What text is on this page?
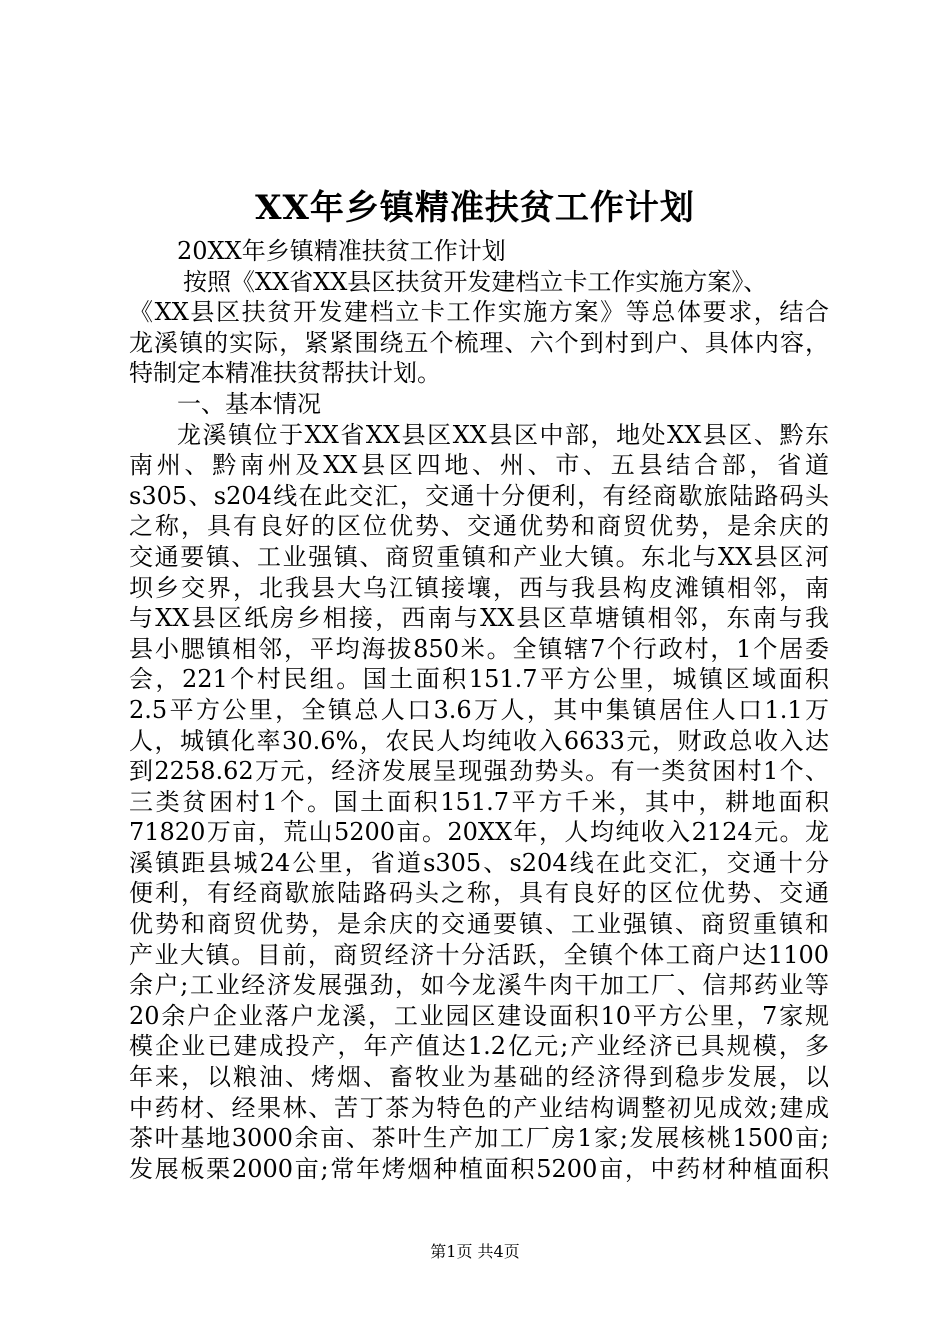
XX年乡镇精准扶贫工作计划
20XX年乡镇精准扶贫工作计划
按照《XX省XX县区扶贫开发建档立卡工作实施方案》、
《XX县区扶贫开发建档立卡工作实施方案》等总体要求，结合
龙溪镇的实际，紧紧围绕五个梳理、六个到村到户、具体内容，
特制定本精准扶贫帮扶计划。
一、基本情况
龙溪镇位于XX省XX县区XX县区中部，地处XX县区、黔东
南州、黔南州及XX县区四地、州、市、五县结合部，省道
s305、s204线在此交汇，交通十分便利，有经商歇旅陆路码头
之称，具有良好的区位优势、交通优势和商贸优势，是余庆的
交通要镇、工业强镇、商贸重镇和产业大镇。东北与XX县区河
坝乡交界，北我县大乌江镇接壤，西与我县构皮滩镇相邻，南
与XX县区纸房乡相接，西南与XX县区草塘镇相邻，东南与我
县小腮镇相邻，平均海拔850米。全镇辖7个行政村，1个居委
会，221个村民组。国土面积151.7平方公里，城镇区域面积
2.5平方公里，全镇总人口3.6万人，其中集镇居住人口1.1万
人，城镇化率30.6%，农民人均纯收入6633元，财政总收入达
到2258.62万元，经济发展呈现强劲势头。有一类贫困村1个、
三类贫困村1个。国土面积151.7平方千米，其中，耕地面积
71820万亩，荒山5200亩。20XX年，人均纯收入2124元。龙
溪镇距县城24公里，省道s305、s204线在此交汇，交通十分
便利，有经商歇旅陆路码头之称，具有良好的区位优势、交通
优势和商贸优势，是余庆的交通要镇、工业强镇、商贸重镇和
产业大镇。目前，商贸经济十分活跃，全镇个体工商户达1100
余户;工业经济发展强劲，如今龙溪牛肉干加工厂、信邦药业等
20余户企业落户龙溪，工业园区建设面积10平方公里，7家规
模企业已建成投产，年产值达1.2亿元;产业经济已具规模，多
年来，以粮油、烤烟、畜牧业为基础的经济得到稳步发展，以
中药材、经果林、苦丁茶为特色的产业结构调整初见成效;建成
茶叶基地3000余亩、茶叶生产加工厂房1家;发展核桃1500亩;
发展板栗2000亩;常年烤烟种植面积5200亩，中药材种植面积
第1页 共4页
